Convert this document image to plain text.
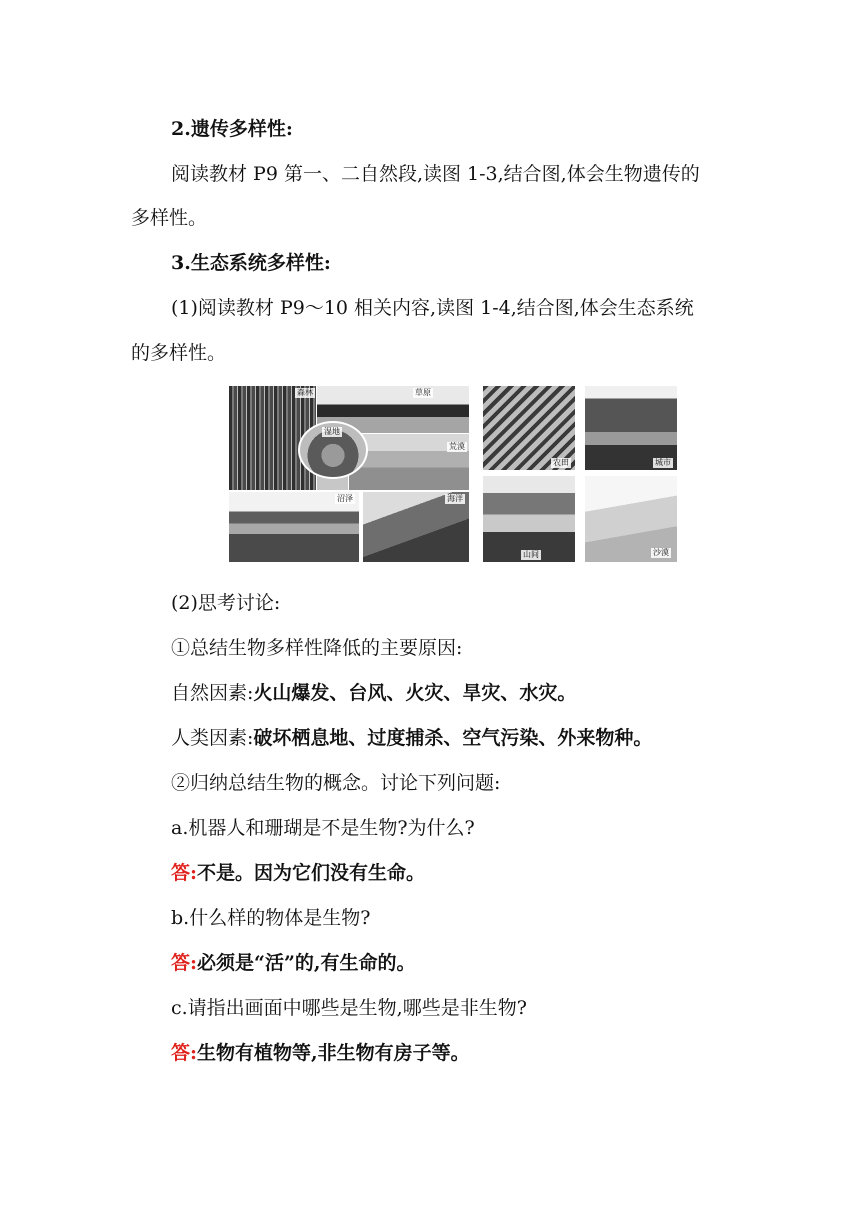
2.遗传多样性:
阅读教材 P9 第一、二自然段,读图 1-3,结合图,体会生物遗传的
多样性。
3.生态系统多样性:
(1)阅读教材 P9～10 相关内容,读图 1-4,结合图,体会生态系统
的多样性。
森林	草原
荒漠
湿地
沼泽	海洋
农田	城市
山间	沙漠
(2)思考讨论:
①总结生物多样性降低的主要原因:
自然因素:火山爆发、台风、火灾、旱灾、水灾。
人类因素:破坏栖息地、过度捕杀、空气污染、外来物种。
②归纳总结生物的概念。讨论下列问题:
a.机器人和珊瑚是不是生物?为什么?
答:不是。因为它们没有生命。
b.什么样的物体是生物?
答:必须是“活”的,有生命的。
c.请指出画面中哪些是生物,哪些是非生物?
答:生物有植物等,非生物有房子等。
